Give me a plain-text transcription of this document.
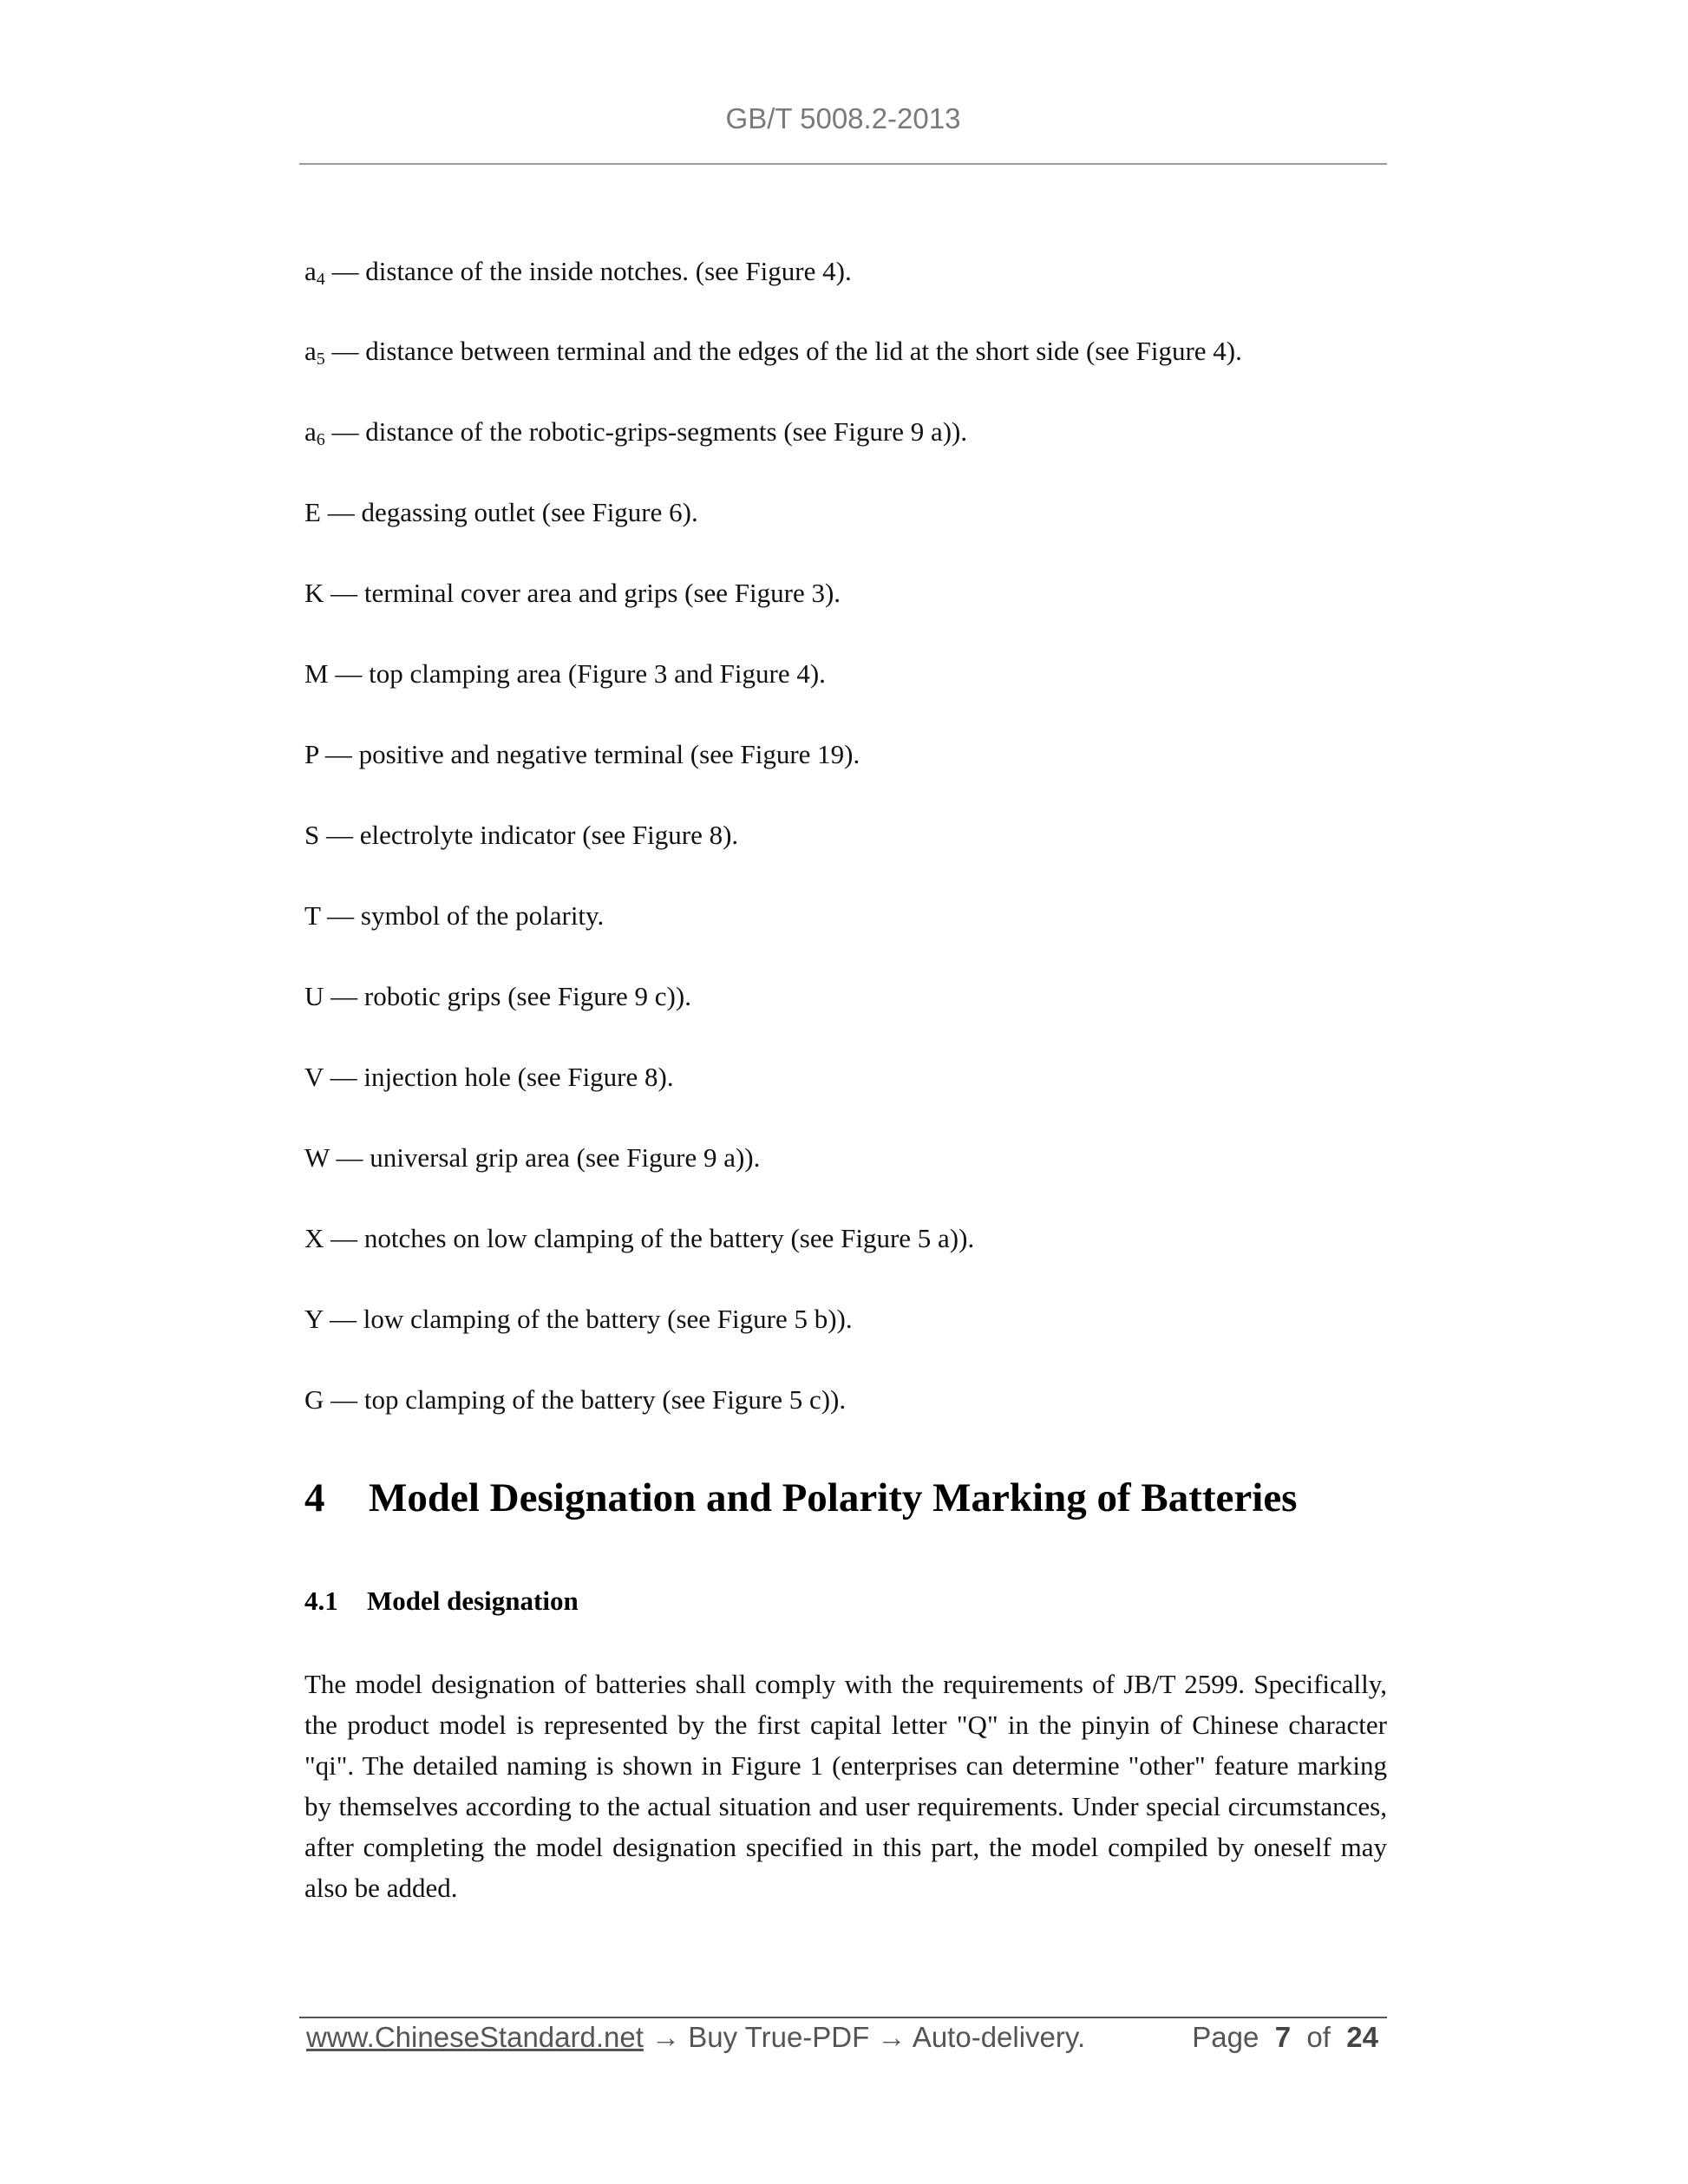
GB/T 5008.2-2013
$a_4$ — distance of the inside notches. (see Figure 4).
$a_5$ — distance between terminal and the edges of the lid at the short side (see Figure 4).
$a_6$ — distance of the robotic-grips-segments (see Figure 9 a)).
E — degassing outlet (see Figure 6).
K — terminal cover area and grips (see Figure 3).
M — top clamping area (Figure 3 and Figure 4).
P — positive and negative terminal (see Figure 19).
S — electrolyte indicator (see Figure 8).
T — symbol of the polarity.
U — robotic grips (see Figure 9 c)).
V — injection hole (see Figure 8).
W — universal grip area (see Figure 9 a)).
X — notches on low clamping of the battery (see Figure 5 a)).
Y — low clamping of the battery (see Figure 5 b)).
G — top clamping of the battery (see Figure 5 c)).
4 Model Designation and Polarity Marking of Batteries
4.1 Model designation
The model designation of batteries shall comply with the requirements of JB/T 2599. Specifically, the product model is represented by the first capital letter "Q" in the pinyin of Chinese character "qi". The detailed naming is shown in Figure 1 (enterprises can determine "other" feature marking by themselves according to the actual situation and user requirements. Under special circumstances, after completing the model designation specified in this part, the model compiled by oneself may also be added.
www.ChineseStandard.net → Buy True-PDF → Auto-delivery.	Page 7 of 24
